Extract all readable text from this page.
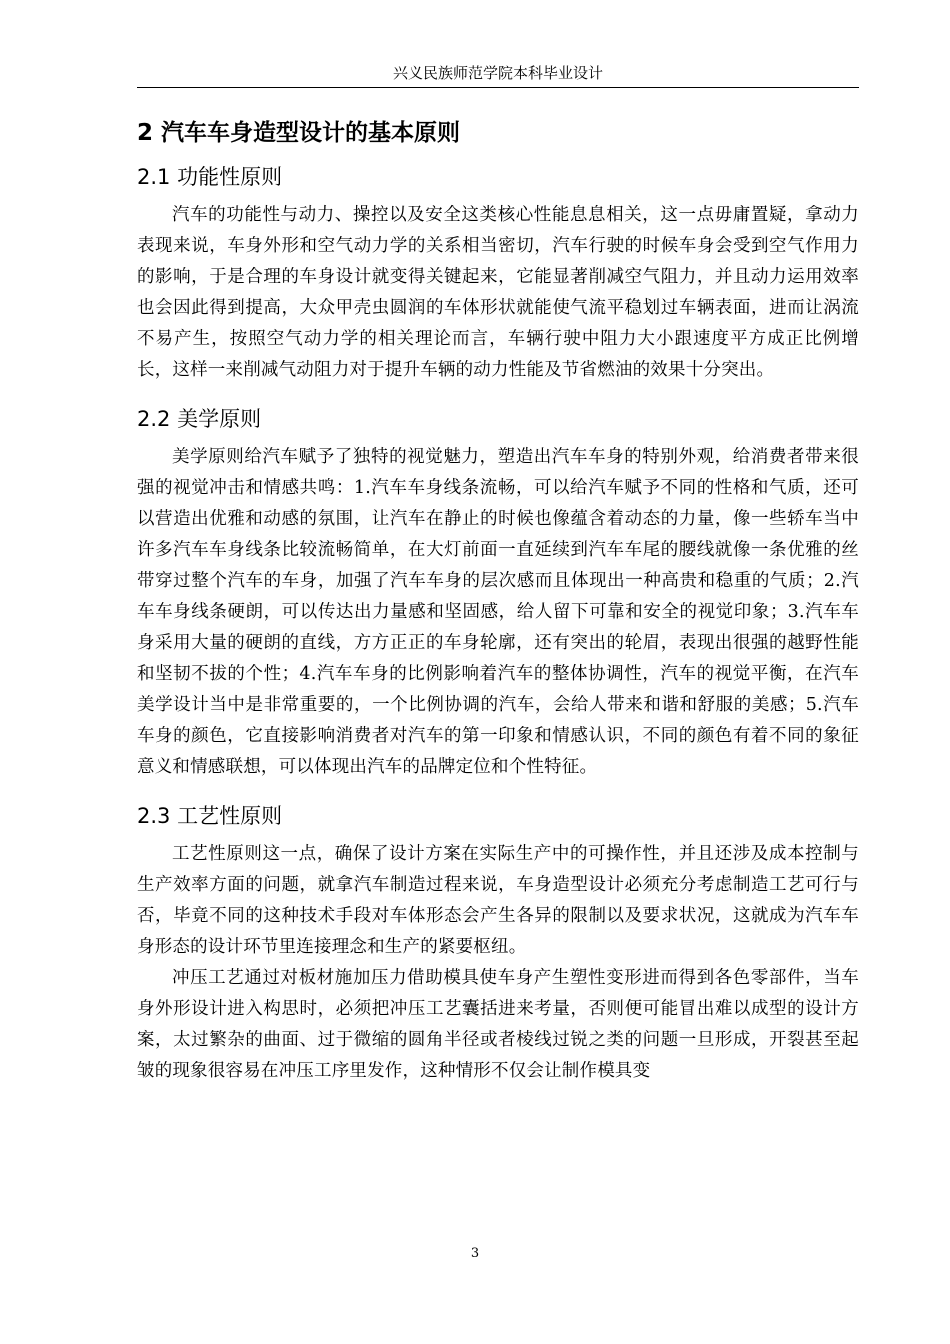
兴义民族师范学院本科毕业设计
2 汽车车身造型设计的基本原则
2.1 功能性原则

汽车的功能性与动力、操控以及安全这类核心性能息息相关，这一点毋庸置疑，拿动力表现来说，车身外形和空气动力学的关系相当密切，汽车行驶的时候车身会受到空气作用力的影响，于是合理的车身设计就变得关键起来，它能显著削减空气阻力，并且动力运用效率也会因此得到提高，大众甲壳虫圆润的车体形状就能使气流平稳划过车辆表面，进而让涡流不易产生，按照空气动力学的相关理论而言，车辆行驶中阻力大小跟速度平方成正比例增长，这样一来削减气动阻力对于提升车辆的动力性能及节省燃油的效果十分突出。

2.2 美学原则

美学原则给汽车赋予了独特的视觉魅力，塑造出汽车车身的特别外观，给消费者带来很强的视觉冲击和情感共鸣：1.汽车车身线条流畅，可以给汽车赋予不同的性格和气质，还可以营造出优雅和动感的氛围，让汽车在静止的时候也像蕴含着动态的力量，像一些轿车当中许多汽车车身线条比较流畅简单，在大灯前面一直延续到汽车车尾的腰线就像一条优雅的丝带穿过整个汽车的车身，加强了汽车车身的层次感而且体现出一种高贵和稳重的气质；2.汽车车身线条硬朗，可以传达出力量感和坚固感，给人留下可靠和安全的视觉印象；3.汽车车身采用大量的硬朗的直线，方方正正的车身轮廓，还有突出的轮眉，表现出很强的越野性能和坚韧不拔的个性；4.汽车车身的比例影响着汽车的整体协调性，汽车的视觉平衡，在汽车美学设计当中是非常重要的，一个比例协调的汽车，会给人带来和谐和舒服的美感；5.汽车车身的颜色，它直接影响消费者对汽车的第一印象和情感认识，不同的颜色有着不同的象征意义和情感联想，可以体现出汽车的品牌定位和个性特征。

2.3 工艺性原则

工艺性原则这一点，确保了设计方案在实际生产中的可操作性，并且还涉及成本控制与生产效率方面的问题，就拿汽车制造过程来说，车身造型设计必须充分考虑制造工艺可行与否，毕竟不同的这种技术手段对车体形态会产生各异的限制以及要求状况，这就成为汽车车身形态的设计环节里连接理念和生产的紧要枢纽。

冲压工艺通过对板材施加压力借助模具使车身产生塑性变形进而得到各色零部件，当车身外形设计进入构思时，必须把冲压工艺囊括进来考量，否则便可能冒出难以成型的设计方案，太过繁杂的曲面、过于微缩的圆角半径或者棱线过锐之类的问题一旦形成，开裂甚至起皱的现象很容易在冲压工序里发作，这种情形不仅会让制作模具变

3
